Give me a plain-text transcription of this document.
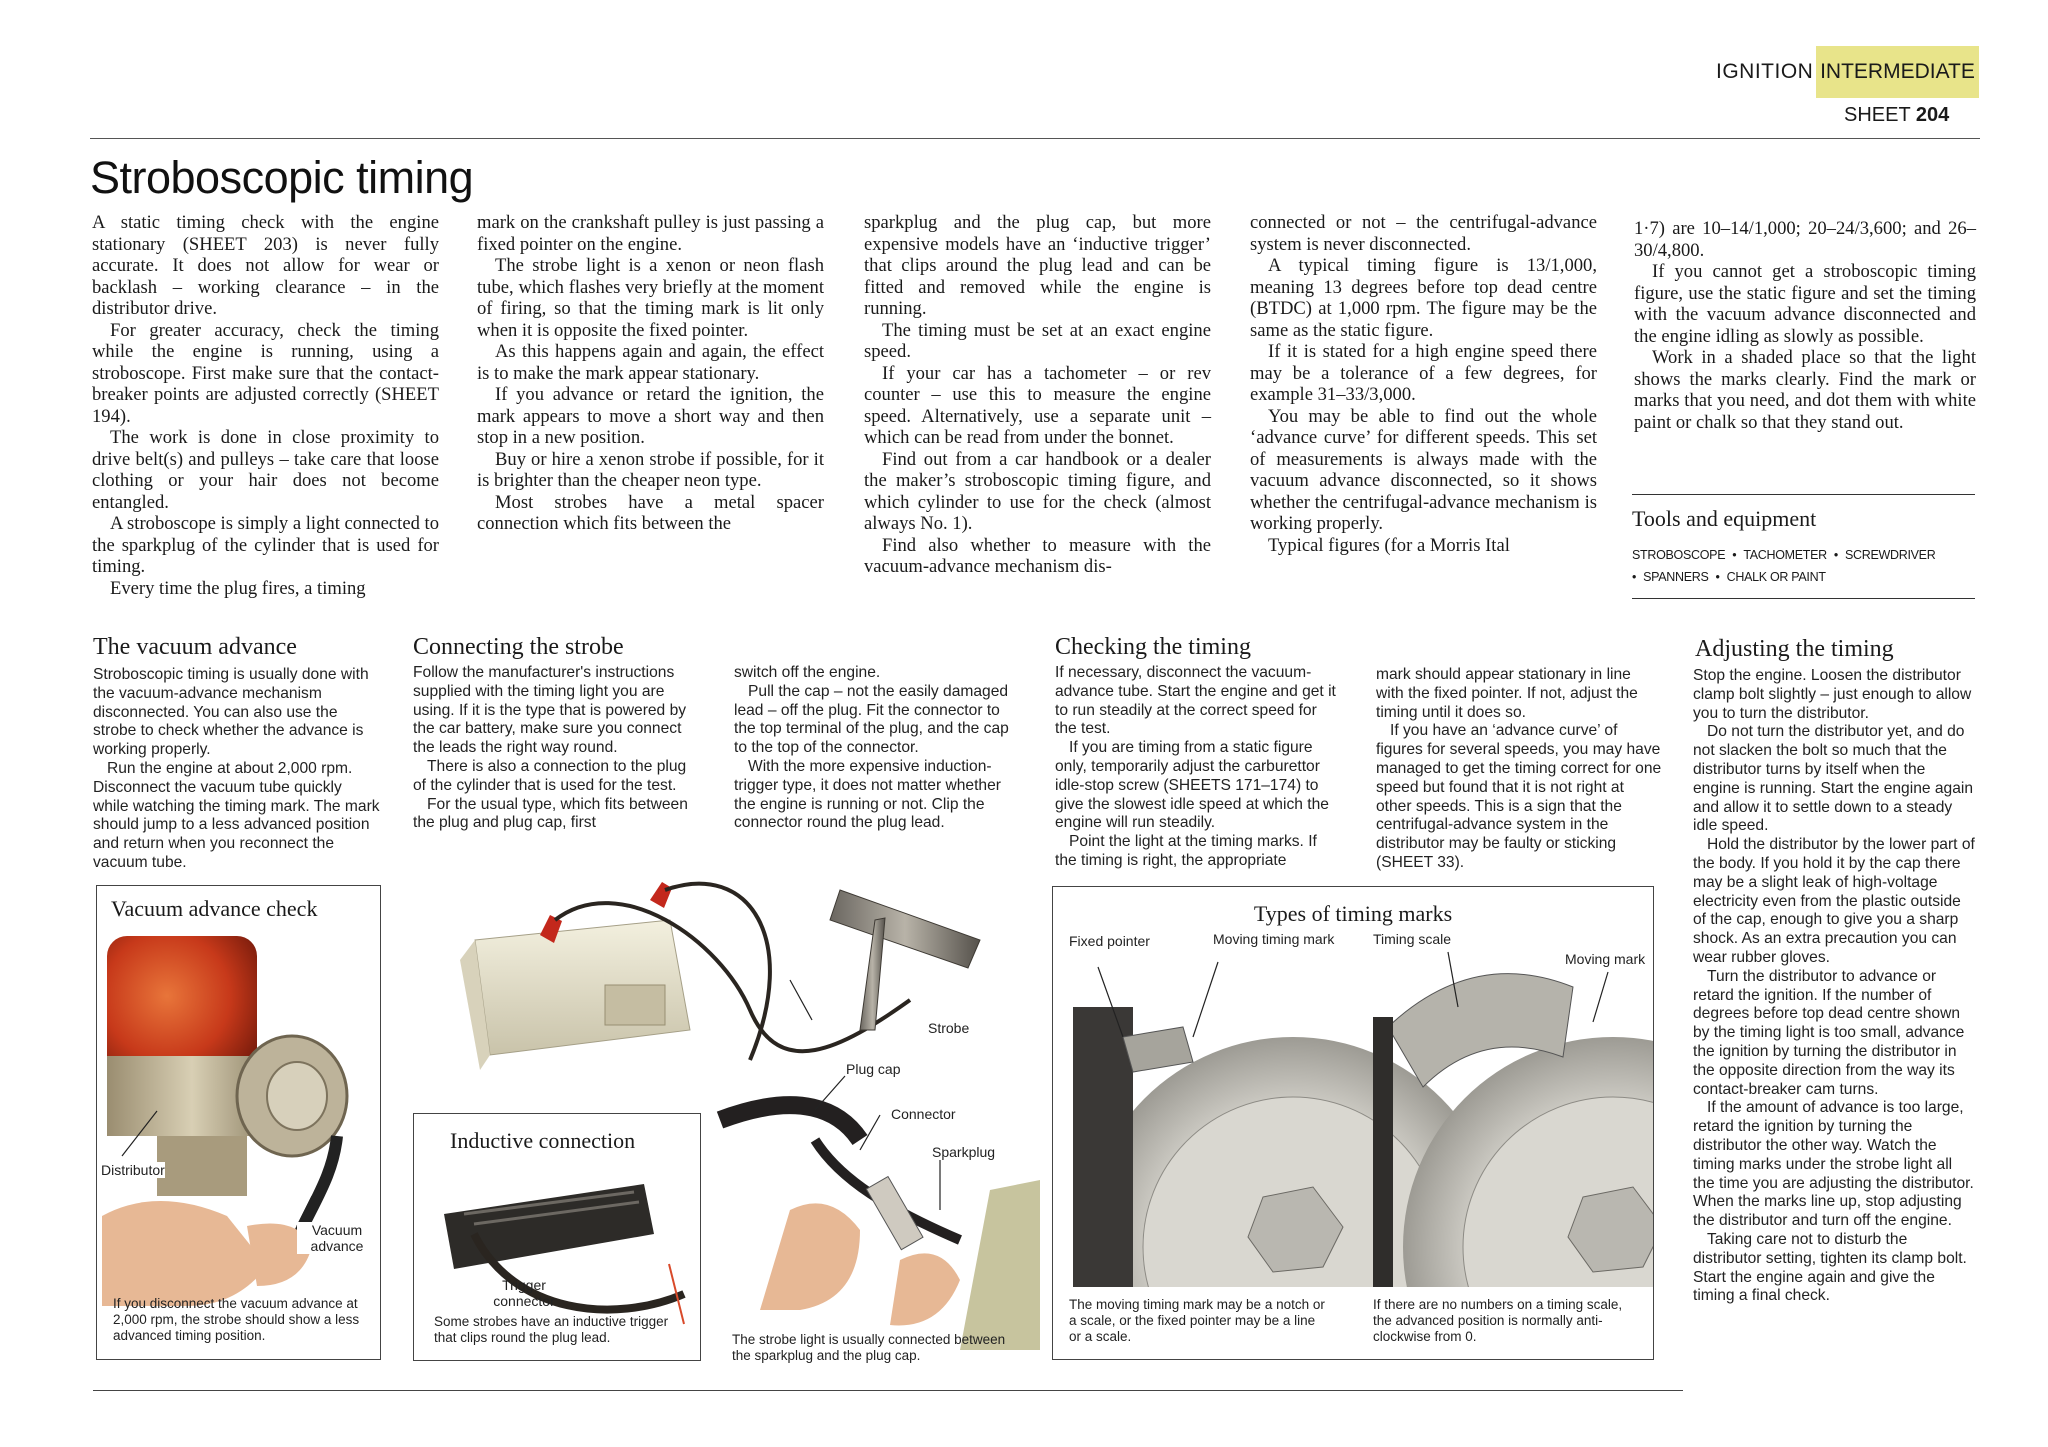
IGNITION INTERMEDIATE
SHEET 204
Stroboscopic timing

A static timing check with the engine stationary (SHEET 203) is never fully accurate. It does not allow for wear or backlash – working clearance – in the distributor drive.

For greater accuracy, check the timing while the engine is running, using a stroboscope. First make sure that the contact-breaker points are adjusted correctly (SHEET 194).

The work is done in close proximity to drive belt(s) and pulleys – take care that loose clothing or your hair does not become entangled.

A stroboscope is simply a light connected to the sparkplug of the cylinder that is used for timing.

Every time the plug fires, a timing

mark on the crankshaft pulley is just passing a fixed pointer on the engine.

The strobe light is a xenon or neon flash tube, which flashes very briefly at the moment of firing, so that the timing mark is lit only when it is opposite the fixed pointer.

As this happens again and again, the effect is to make the mark appear stationary.

If you advance or retard the ignition, the mark appears to move a short way and then stop in a new position.

Buy or hire a xenon strobe if possible, for it is brighter than the cheaper neon type.

Most strobes have a metal spacer connection which fits between the

sparkplug and the plug cap, but more expensive models have an ‘inductive trigger’ that clips around the plug lead and can be fitted and removed while the engine is running.

The timing must be set at an exact engine speed.

If your car has a tachometer – or rev counter – use this to measure the engine speed. Alternatively, use a separate unit – which can be read from under the bonnet.

Find out from a car handbook or a dealer the maker’s stroboscopic timing figure, and which cylinder to use for the check (almost always No. 1).

Find also whether to measure with the vacuum-advance mechanism dis-

connected or not – the centrifugal-advance system is never disconnected.

A typical timing figure is 13/1,000, meaning 13 degrees before top dead centre (BTDC) at 1,000 rpm. The figure may be the same as the static figure.

If it is stated for a high engine speed there may be a tolerance of a few degrees, for example 31–33/3,000.

You may be able to find out the whole ‘advance curve’ for different speeds. This set of measurements is always made with the vacuum advance disconnected, so it shows whether the centrifugal-advance mechanism is working properly.

Typical figures (for a Morris Ital

1·7) are 10–14/1,000; 20–24/3,600; and 26–30/4,800.

If you cannot get a stroboscopic timing figure, use the static figure and set the timing with the vacuum advance disconnected and the engine idling as slowly as possible.

Work in a shaded place so that the light shows the marks clearly. Find the mark or marks that you need, and dot them with white paint or chalk so that they stand out.

Tools and equipment
STROBOSCOPE • TACHOMETER • SCREWDRIVER
• SPANNERS • CHALK OR PAINT
The vacuum advance

Stroboscopic timing is usually done with the vacuum-advance mechanism disconnected. You can also use the strobe to check whether the advance is working properly.

Run the engine at about 2,000 rpm. Disconnect the vacuum tube quickly while watching the timing mark. The mark should jump to a less advanced position and return when you reconnect the vacuum tube.

Vacuum advance check
Distributor
Vacuum advance
If you disconnect the vacuum advance at 2,000 rpm, the strobe should show a less advanced timing position.
Connecting the strobe

Follow the manufacturer's instructions supplied with the timing light you are using. If it is the type that is powered by the car battery, make sure you connect the leads the right way round.

There is also a connection to the plug of the cylinder that is used for the test.

For the usual type, which fits between the plug and plug cap, first

switch off the engine.

Pull the cap – not the easily damaged lead – off the plug. Fit the connector to the top terminal of the plug, and the cap to the top of the connector.

With the more expensive induction-trigger type, it does not matter whether the engine is running or not. Clip the connector round the plug lead.

Strobe
Plug cap
Connector
Sparkplug
The strobe light is usually connected between the sparkplug and the plug cap.
Inductive connection
Trigger connector
Some strobes have an inductive trigger that clips round the plug lead.
Checking the timing

If necessary, disconnect the vacuum-advance tube. Start the engine and get it to run steadily at the correct speed for the test.

If you are timing from a static figure only, temporarily adjust the carburettor idle-stop screw (SHEETS 171–174) to give the slowest idle speed at which the engine will run steadily.

Point the light at the timing marks. If the timing is right, the appropriate

mark should appear stationary in line with the fixed pointer. If not, adjust the timing until it does so.

If you have an ‘advance curve’ of figures for several speeds, you may have managed to get the timing correct for one speed but found that it is not right at other speeds. This is a sign that the centrifugal-advance system in the distributor may be faulty or sticking (SHEET 33).

Types of timing marks
Fixed pointer	Moving timing mark	Timing scale
Moving mark
The moving timing mark may be a notch or a scale, or the fixed pointer may be a line or a scale.
If there are no numbers on a timing scale, the advanced position is normally anti-clockwise from 0.
Adjusting the timing

Stop the engine. Loosen the distributor clamp bolt slightly – just enough to allow you to turn the distributor.

Do not turn the distributor yet, and do not slacken the bolt so much that the distributor turns by itself when the engine is running. Start the engine again and allow it to settle down to a steady idle speed.

Hold the distributor by the lower part of the body. If you hold it by the cap there may be a slight leak of high-voltage electricity even from the plastic outside of the cap, enough to give you a sharp shock. As an extra precaution you can wear rubber gloves.

Turn the distributor to advance or retard the ignition. If the number of degrees before top dead centre shown by the timing light is too small, advance the ignition by turning the distributor in the opposite direction from the way its contact-breaker cam turns.

If the amount of advance is too large, retard the ignition by turning the distributor the other way. Watch the timing marks under the strobe light all the time you are adjusting the distributor. When the marks line up, stop adjusting the distributor and turn off the engine.

Taking care not to disturb the distributor setting, tighten its clamp bolt. Start the engine again and give the timing a final check.
